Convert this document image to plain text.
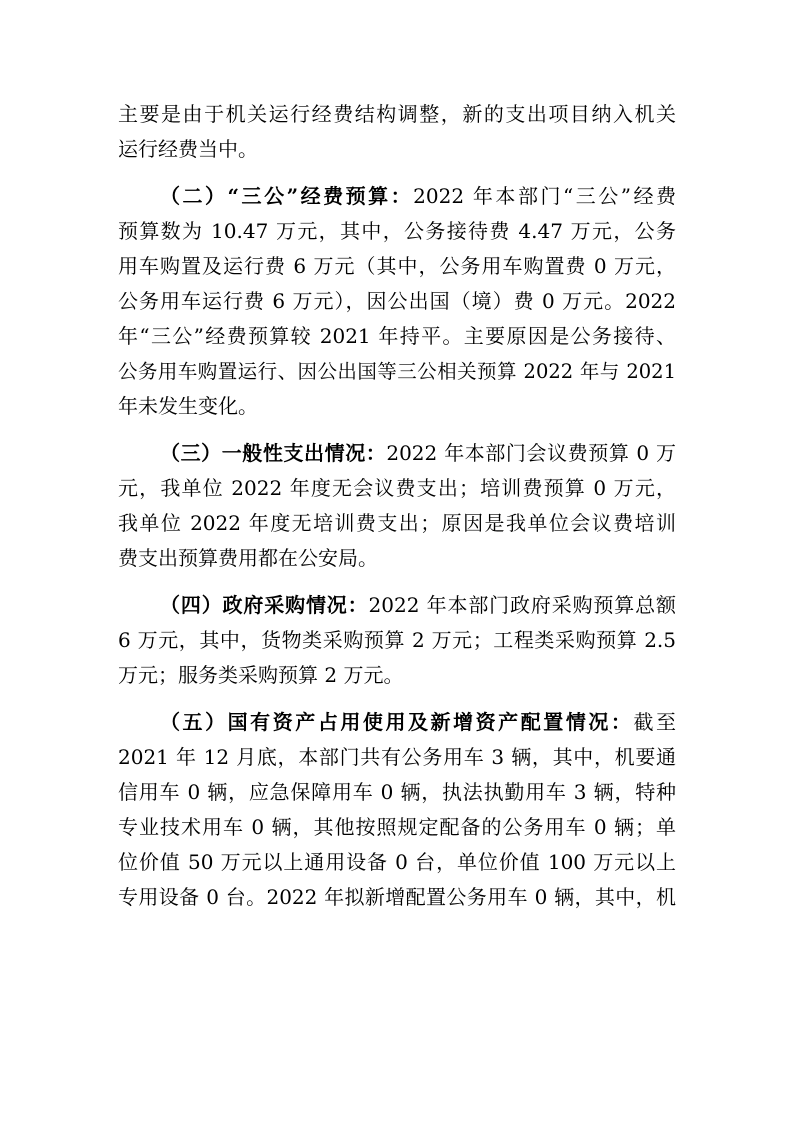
主要是由于机关运行经费结构调整，新的支出项目纳入机关
运行经费当中。
（二）“三公”经费预算：2022 年本部门“三公”经费
预算数为 10.47 万元，其中，公务接待费 4.47 万元，公务
用车购置及运行费 6 万元（其中，公务用车购置费 0 万元，
公务用车运行费 6 万元），因公出国（境）费 0 万元。2022
年“三公”经费预算较 2021 年持平。主要原因是公务接待、
公务用车购置运行、因公出国等三公相关预算 2022 年与 2021
年未发生变化。
（三）一般性支出情况：2022 年本部门会议费预算 0 万
元，我单位 2022 年度无会议费支出；培训费预算 0 万元，
我单位 2022 年度无培训费支出；原因是我单位会议费培训
费支出预算费用都在公安局。
（四）政府采购情况：2022 年本部门政府采购预算总额
6 万元，其中，货物类采购预算 2 万元；工程类采购预算 2.5
万元；服务类采购预算 2 万元。
（五）国有资产占用使用及新增资产配置情况：截至
2021 年 12 月底，本部门共有公务用车 3 辆，其中，机要通
信用车 0 辆，应急保障用车 0 辆，执法执勤用车 3 辆，特种
专业技术用车 0 辆，其他按照规定配备的公务用车 0 辆；单
位价值 50 万元以上通用设备 0 台，单位价值 100 万元以上
专用设备 0 台。2022 年拟新增配置公务用车 0 辆，其中，机
